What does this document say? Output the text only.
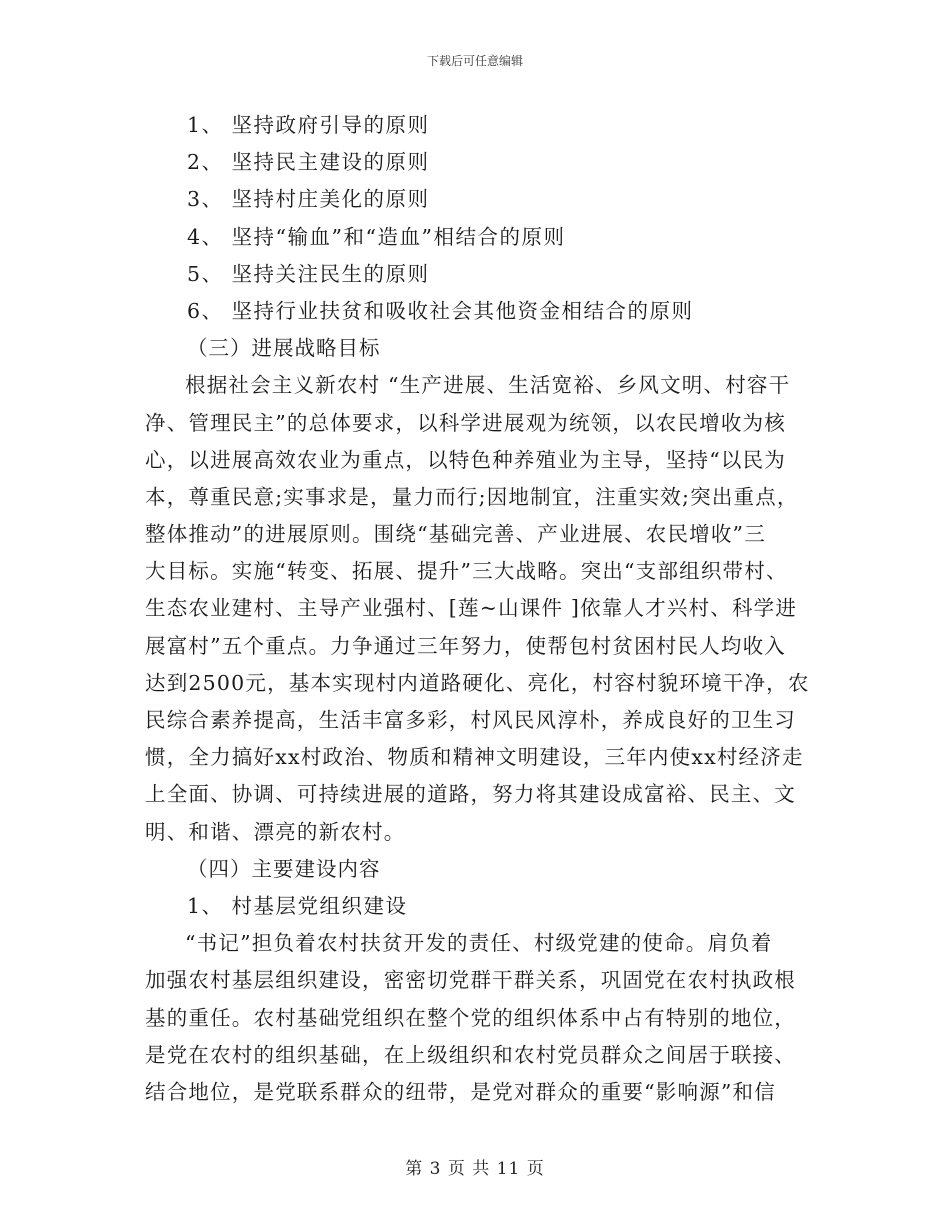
下载后可任意编辑
1、 坚持政府引导的原则
2、 坚持民主建设的原则
3、 坚持村庄美化的原则
4、 坚持“输血”和“造血”相结合的原则
5、 坚持关注民生的原则
6、 坚持行业扶贫和吸收社会其他资金相结合的原则
（三）进展战略目标
根据社会主义新农村 “生产进展、生活宽裕、乡风文明、村容干
净、管理民主”的总体要求，以科学进展观为统领，以农民增收为核
心，以进展高效农业为重点，以特色种养殖业为主导，坚持“以民为
本，尊重民意;实事求是，量力而行;因地制宜，注重实效;突出重点，
整体推动”的进展原则。围绕“基础完善、产业进展、农民增收”三
大目标。实施“转变、拓展、提升”三大战略。突出“支部组织带村、
生态农业建村、主导产业强村、[莲~山课件 ]依靠人才兴村、科学进
展富村”五个重点。力争通过三年努力，使帮包村贫困村民人均收入
达到2500元，基本实现村内道路硬化、亮化，村容村貌环境干净，农
民综合素养提高，生活丰富多彩，村风民风淳朴，养成良好的卫生习
惯，全力搞好xx村政治、物质和精神文明建设，三年内使xx村经济走
上全面、协调、可持续进展的道路，努力将其建设成富裕、民主、文
明、和谐、漂亮的新农村。
（四）主要建设内容
1、 村基层党组织建设
“书记”担负着农村扶贫开发的责任、村级党建的使命。肩负着
加强农村基层组织建设，密密切党群干群关系，巩固党在农村执政根
基的重任。农村基础党组织在整个党的组织体系中占有特别的地位，
是党在农村的组织基础，在上级组织和农村党员群众之间居于联接、
结合地位，是党联系群众的纽带，是党对群众的重要“影响源”和信
第 3 页 共 11 页
